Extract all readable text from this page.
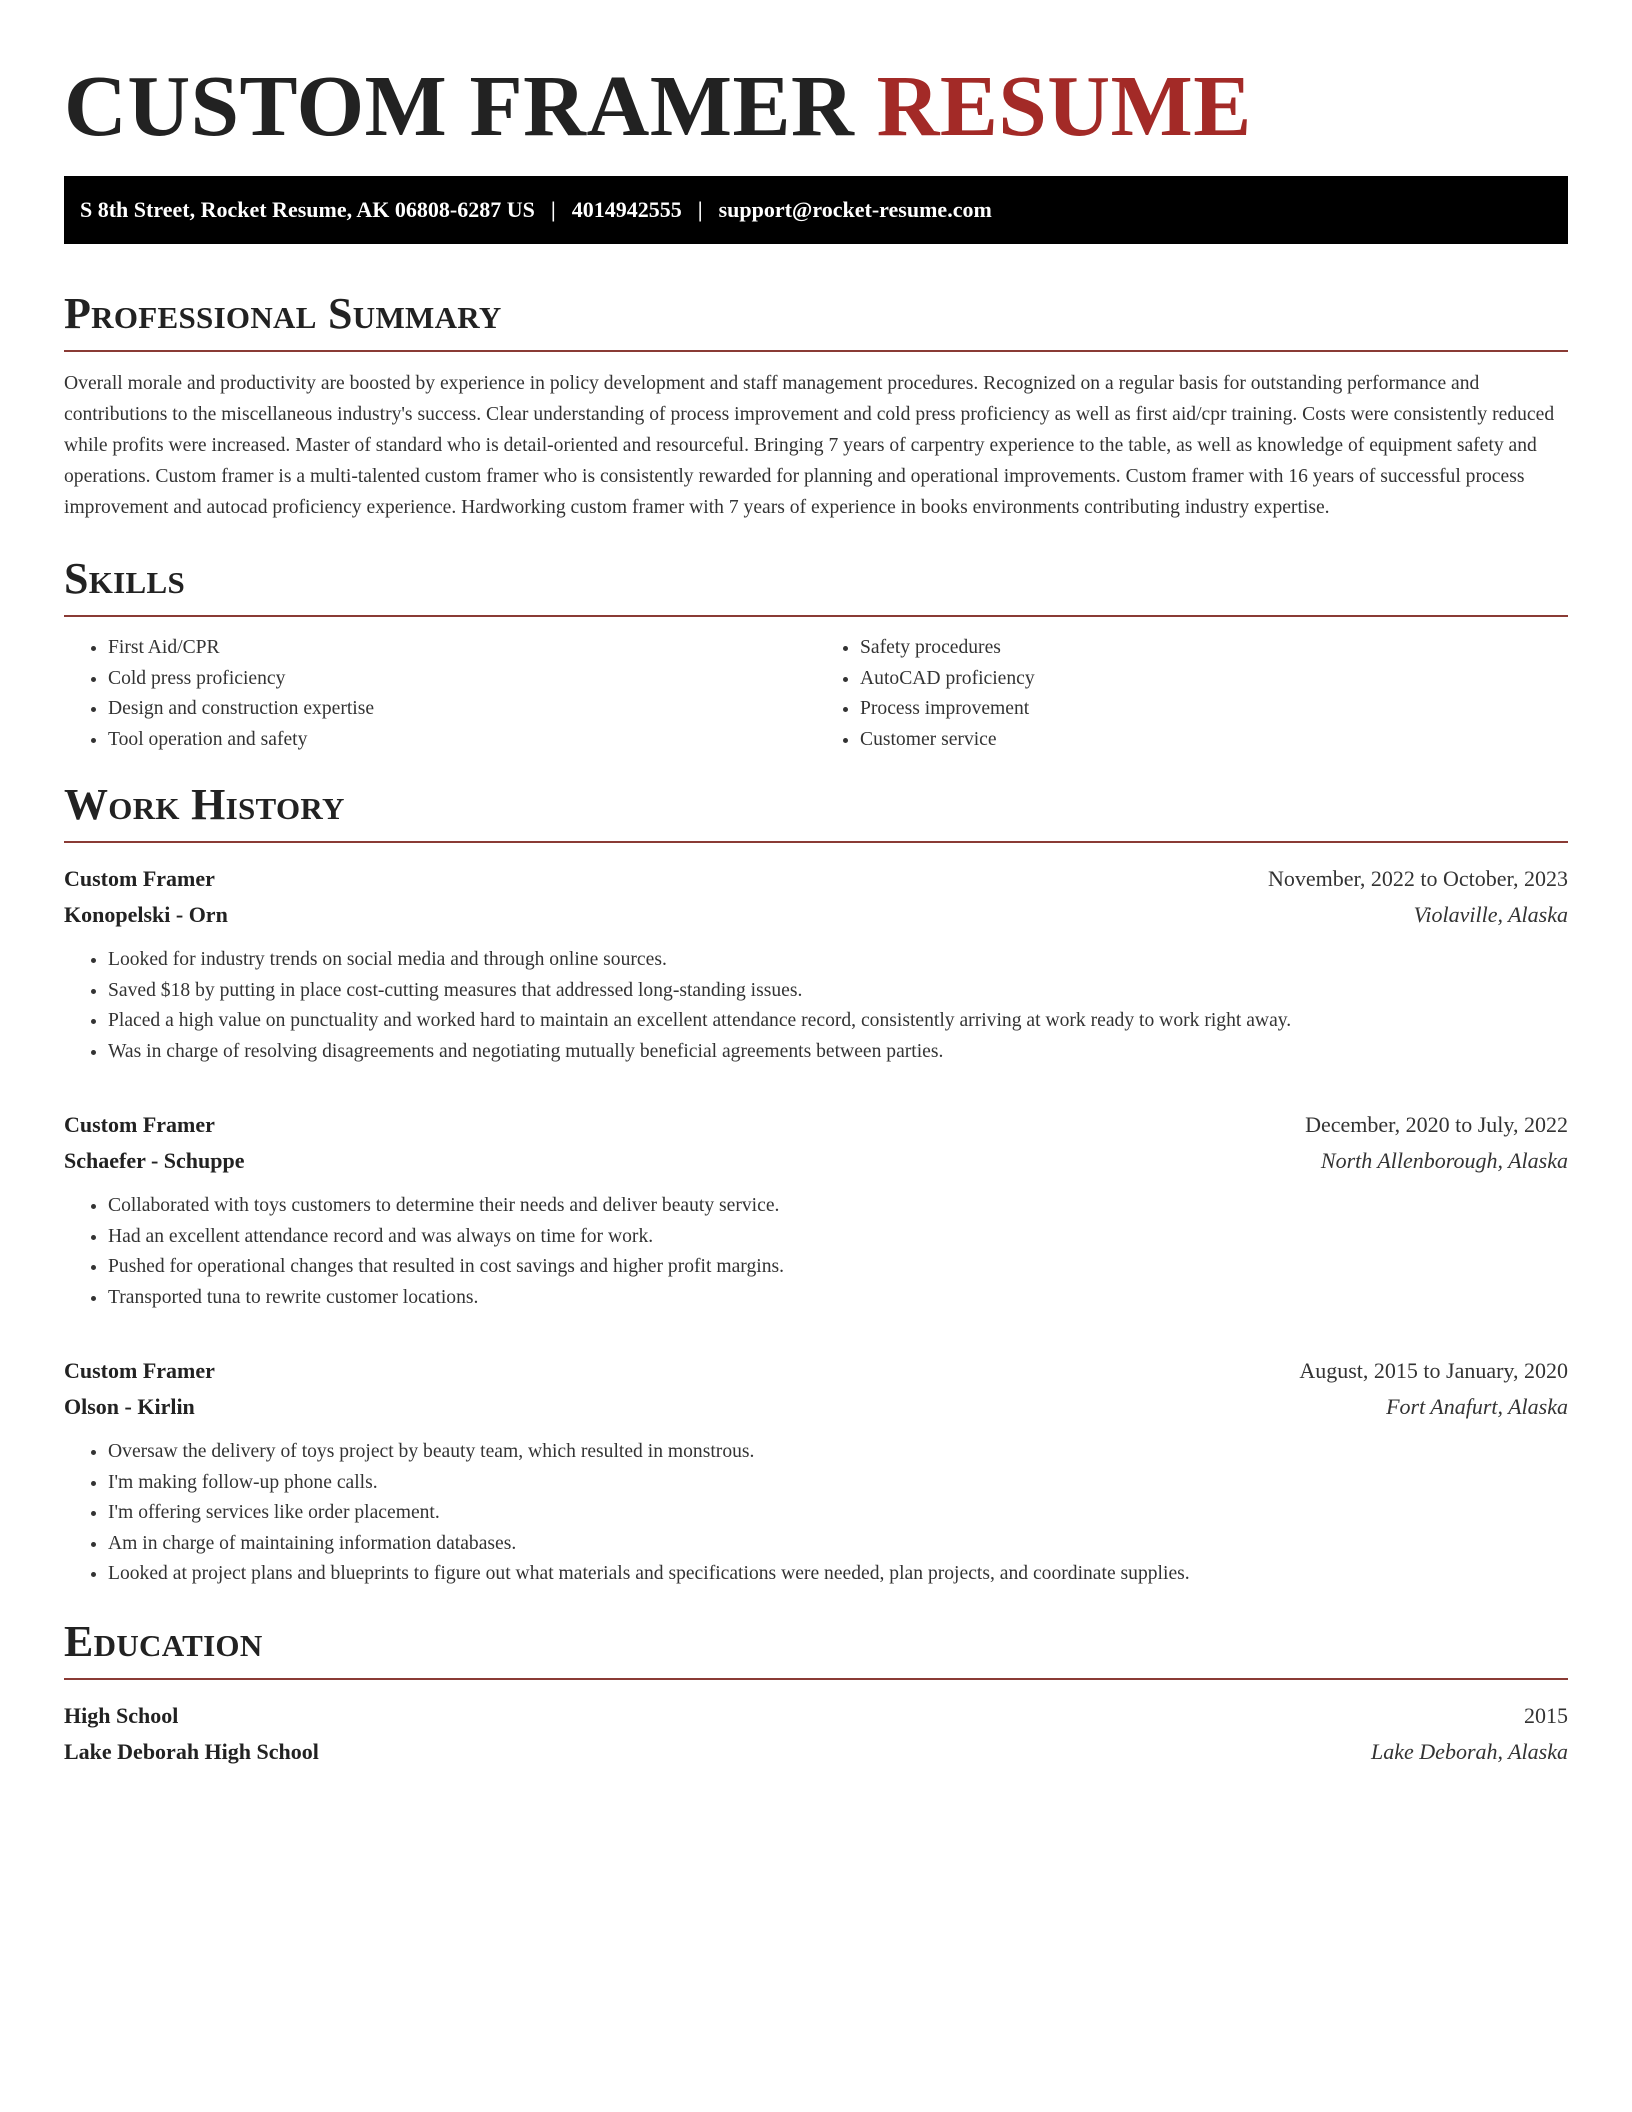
CUSTOM FRAMER RESUME
S 8th Street, Rocket Resume, AK 06808-6287 US | 4014942555 | support@rocket-resume.com
Professional Summary

Overall morale and productivity are boosted by experience in policy development and staff management procedures. Recognized on a regular basis for outstanding performance and contributions to the miscellaneous industry's success. Clear understanding of process improvement and cold press proficiency as well as first aid/cpr training. Costs were consistently reduced while profits were increased. Master of standard who is detail-oriented and resourceful. Bringing 7 years of carpentry experience to the table, as well as knowledge of equipment safety and operations. Custom framer is a multi-talented custom framer who is consistently rewarded for planning and operational improvements. Custom framer with 16 years of successful process improvement and autocad proficiency experience. Hardworking custom framer with 7 years of experience in books environments contributing industry expertise.

Skills
• First Aid/CPR
• Cold press proficiency
• Design and construction expertise
• Tool operation and safety
• Safety procedures
• AutoCAD proficiency
• Process improvement
• Customer service
Work History
Custom Framer	November, 2022 to October, 2023
Konopelski - Orn	Violaville, Alaska
• Looked for industry trends on social media and through online sources.
• Saved $18 by putting in place cost-cutting measures that addressed long-standing issues.
• Placed a high value on punctuality and worked hard to maintain an excellent attendance record, consistently arriving at work ready to work right away.
• Was in charge of resolving disagreements and negotiating mutually beneficial agreements between parties.
Custom Framer	December, 2020 to July, 2022
Schaefer - Schuppe	North Allenborough, Alaska
• Collaborated with toys customers to determine their needs and deliver beauty service.
• Had an excellent attendance record and was always on time for work.
• Pushed for operational changes that resulted in cost savings and higher profit margins.
• Transported tuna to rewrite customer locations.
Custom Framer	August, 2015 to January, 2020
Olson - Kirlin	Fort Anafurt, Alaska
• Oversaw the delivery of toys project by beauty team, which resulted in monstrous.
• I'm making follow-up phone calls.
• I'm offering services like order placement.
• Am in charge of maintaining information databases.
• Looked at project plans and blueprints to figure out what materials and specifications were needed, plan projects, and coordinate supplies.
Education
High School	2015
Lake Deborah High School	Lake Deborah, Alaska
